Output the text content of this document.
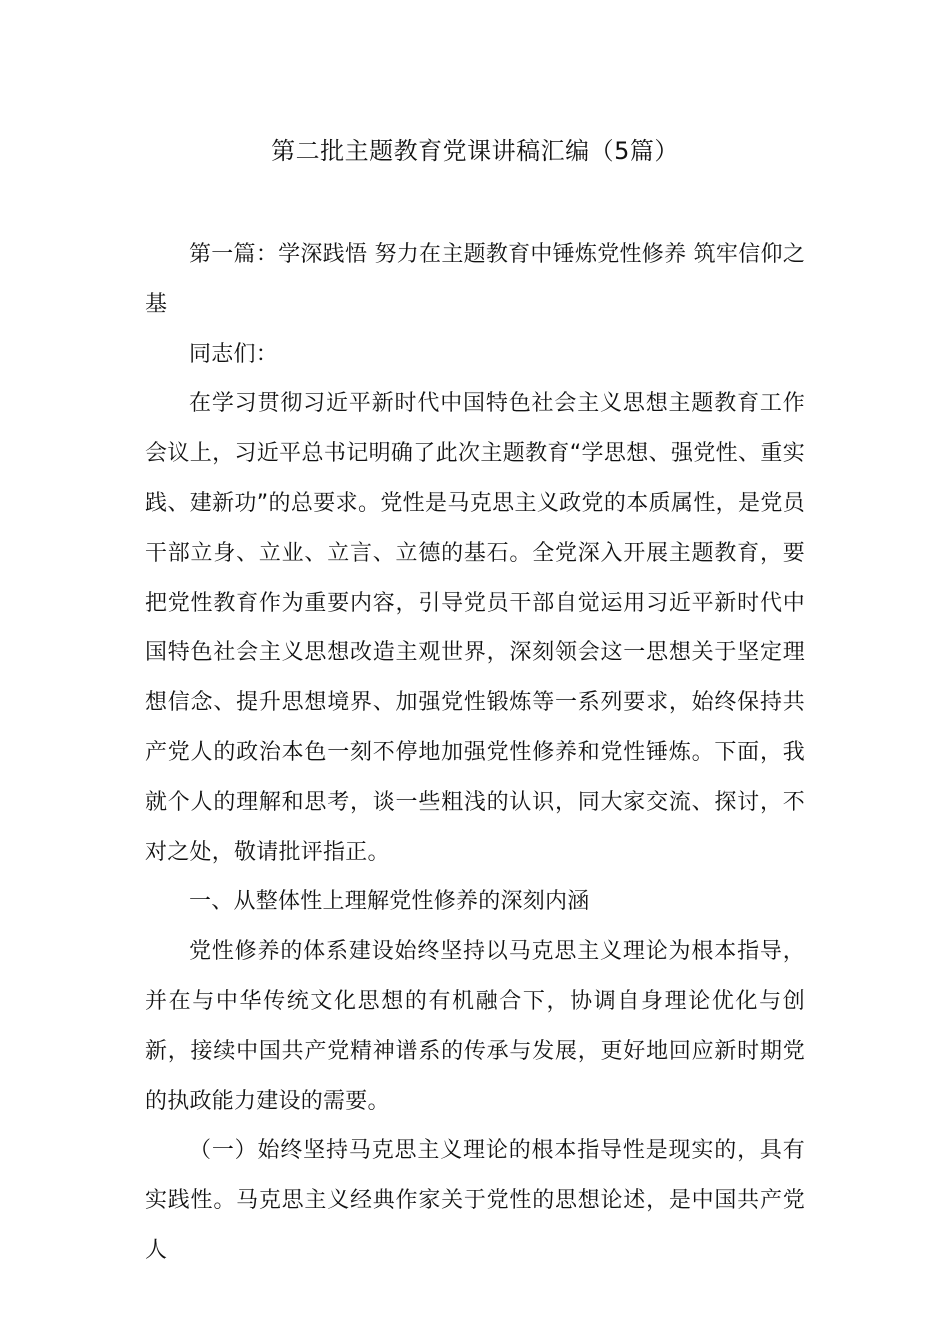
第二批主题教育党课讲稿汇编（5篇）

第一篇：学深践悟 努力在主题教育中锤炼党性修养 筑牢信仰之基

同志们：

在学习贯彻习近平新时代中国特色社会主义思想主题教育工作会议上，习近平总书记明确了此次主题教育“学思想、强党性、重实践、建新功”的总要求。党性是马克思主义政党的本质属性，是党员干部立身、立业、立言、立德的基石。全党深入开展主题教育，要把党性教育作为重要内容，引导党员干部自觉运用习近平新时代中国特色社会主义思想改造主观世界，深刻领会这一思想关于坚定理想信念、提升思想境界、加强党性锻炼等一系列要求，始终保持共产党人的政治本色一刻不停地加强党性修养和党性锤炼。下面，我就个人的理解和思考，谈一些粗浅的认识，同大家交流、探讨，不对之处，敬请批评指正。

一、从整体性上理解党性修养的深刻内涵

党性修养的体系建设始终坚持以马克思主义理论为根本指导，并在与中华传统文化思想的有机融合下，协调自身理论优化与创新，接续中国共产党精神谱系的传承与发展，更好地回应新时期党的执政能力建设的需要。

（一）始终坚持马克思主义理论的根本指导性是现实的，具有实践性。马克思主义经典作家关于党性的思想论述，是中国共产党人
